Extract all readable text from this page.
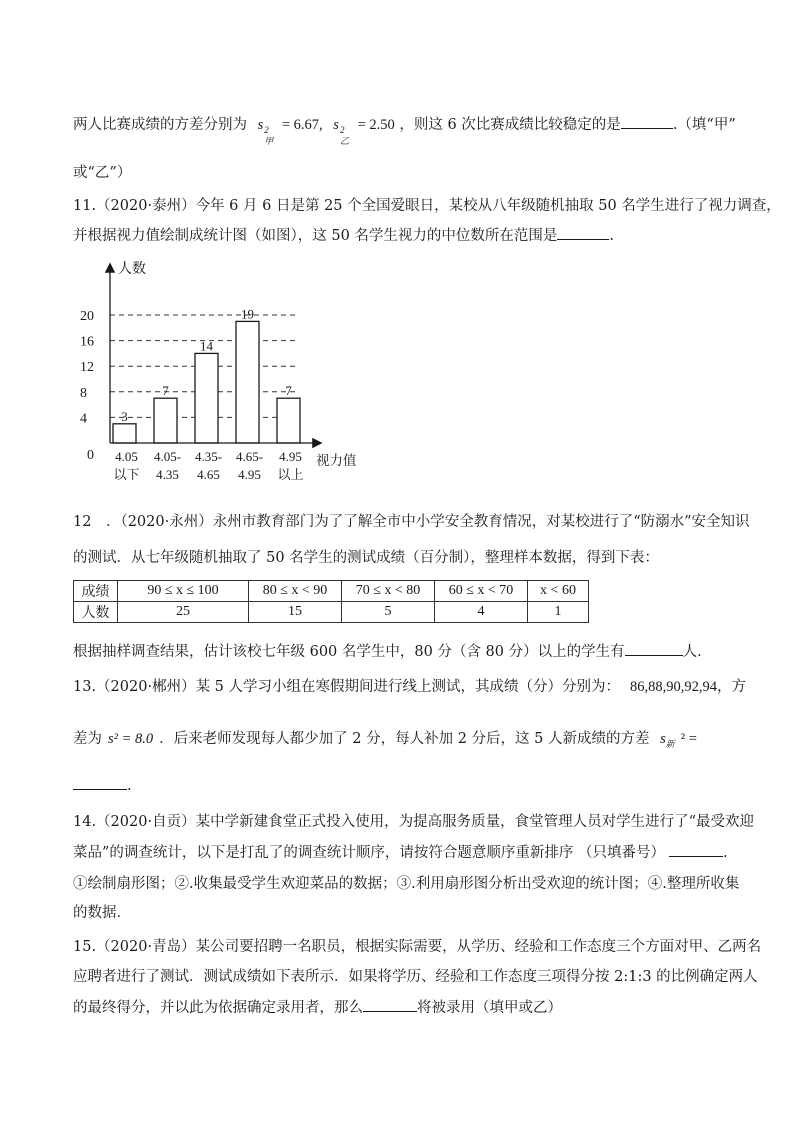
两人比赛成绩的方差分别为 s 2
甲
= 6.67, s 2
乙
= 2.50 ，则这 6 次比赛成绩比较稳定的是	.（填“甲”
或“乙”）
11.（2020·泰州）今年 6 月 6 日是第 25 个全国爱眼日，某校从八年级随机抽取 50 名学生进行了视力调查，
并根据视力值绘制成统计图（如图），这 50 名学生视力的中位数所在范围是	.
3
7
14
19
7
0
4
8
12
16
20
4.05
以下
4.05-
4.35
4.35-
4.65
4.65-
4.95
4.95
以上
人数
视力值
12　．（2020·永州）永州市教育部门为了了解全市中小学安全教育情况，对某校进行了“防溺水”安全知识
的测试．从七年级随机抽取了 50 名学生的测试成绩（百分制），整理样本数据，得到下表：
成绩	90 ≤ x ≤ 100	80 ≤ x < 90	70 ≤ x < 80	60 ≤ x < 70	x < 60
人数	25	15	5	4	1
根据抽样调查结果，估计该校七年级 600 名学生中，80 分（含 80 分）以上的学生有	人．
13.（2020·郴州）某 5 人学习小组在寒假期间进行线上测试，其成绩（分）分别为： 86,88,90,92,94，方
差为 s² = 8.0 ．后来老师发现每人都少加了 2 分，每人补加 2 分后，这 5 人新成绩的方差 $s_新$ ² =
.
14.（2020·自贡）某中学新建食堂正式投入使用，为提高服务质量，食堂管理人员对学生进行了“最受欢迎
菜品”的调查统计，以下是打乱了的调查统计顺序，请按符合题意顺序重新排序 （只填番号）	.
①绘制扇形图；②.收集最受学生欢迎菜品的数据；③.利用扇形图分析出受欢迎的统计图；④.整理所收集
的数据．
15.（2020·青岛）某公司要招聘一名职员，根据实际需要，从学历、经验和工作态度三个方面对甲、乙两名
应聘者进行了测试．测试成绩如下表所示．如果将学历、经验和工作态度三项得分按 2:1:3 的比例确定两人
的最终得分，并以此为依据确定录用者，那么	将被录用（填甲或乙）
